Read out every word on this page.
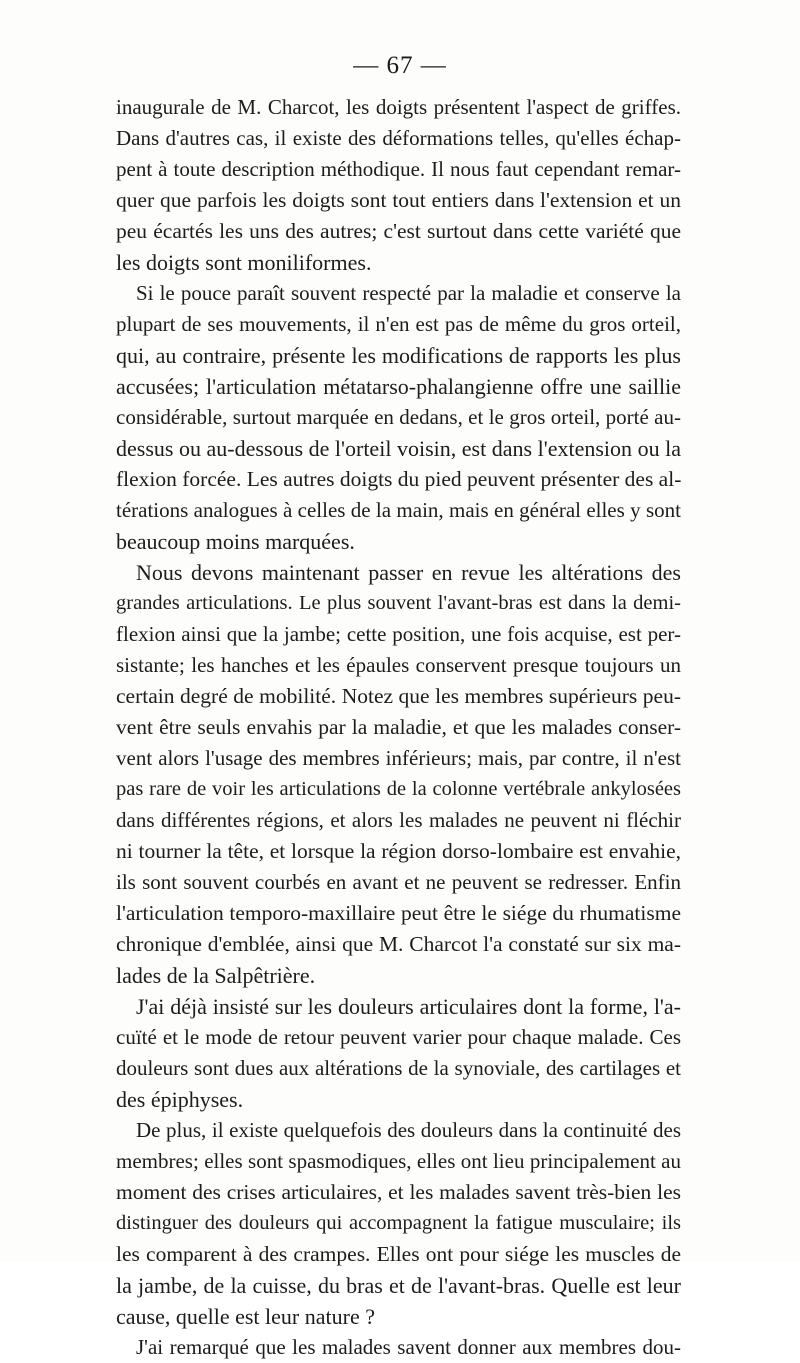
— 67 —
inaugurale de M. Charcot, les doigts présentent l'aspect de griffes.
Dans d'autres cas, il existe des déformations telles, qu'elles échap-
pent à toute description méthodique. Il nous faut cependant remar-
quer que parfois les doigts sont tout entiers dans l'extension et un
peu écartés les uns des autres; c'est surtout dans cette variété que
les doigts sont moniliformes.
Si le pouce paraît souvent respecté par la maladie et conserve la
plupart de ses mouvements, il n'en est pas de même du gros orteil,
qui, au contraire, présente les modifications de rapports les plus
accusées; l'articulation métatarso-phalangienne offre une saillie
considérable, surtout marquée en dedans, et le gros orteil, porté au-
dessus ou au-dessous de l'orteil voisin, est dans l'extension ou la
flexion forcée. Les autres doigts du pied peuvent présenter des al-
térations analogues à celles de la main, mais en général elles y sont
beaucoup moins marquées.
Nous devons maintenant passer en revue les altérations des
grandes articulations. Le plus souvent l'avant-bras est dans la demi-
flexion ainsi que la jambe; cette position, une fois acquise, est per-
sistante; les hanches et les épaules conservent presque toujours un
certain degré de mobilité. Notez que les membres supérieurs peu-
vent être seuls envahis par la maladie, et que les malades conser-
vent alors l'usage des membres inférieurs; mais, par contre, il n'est
pas rare de voir les articulations de la colonne vertébrale ankylosées
dans différentes régions, et alors les malades ne peuvent ni fléchir
ni tourner la tête, et lorsque la région dorso-lombaire est envahie,
ils sont souvent courbés en avant et ne peuvent se redresser. Enfin
l'articulation temporo-maxillaire peut être le siége du rhumatisme
chronique d'emblée, ainsi que M. Charcot l'a constaté sur six ma-
lades de la Salpêtrière.
J'ai déjà insisté sur les douleurs articulaires dont la forme, l'a-
cuïté et le mode de retour peuvent varier pour chaque malade. Ces
douleurs sont dues aux altérations de la synoviale, des cartilages et
des épiphyses.
De plus, il existe quelquefois des douleurs dans la continuité des
membres; elles sont spasmodiques, elles ont lieu principalement au
moment des crises articulaires, et les malades savent très-bien les
distinguer des douleurs qui accompagnent la fatigue musculaire; ils
les comparent à des crampes. Elles ont pour siége les muscles de
la jambe, de la cuisse, du bras et de l'avant-bras. Quelle est leur
cause, quelle est leur nature ?
J'ai remarqué que les malades savent donner aux membres dou-
